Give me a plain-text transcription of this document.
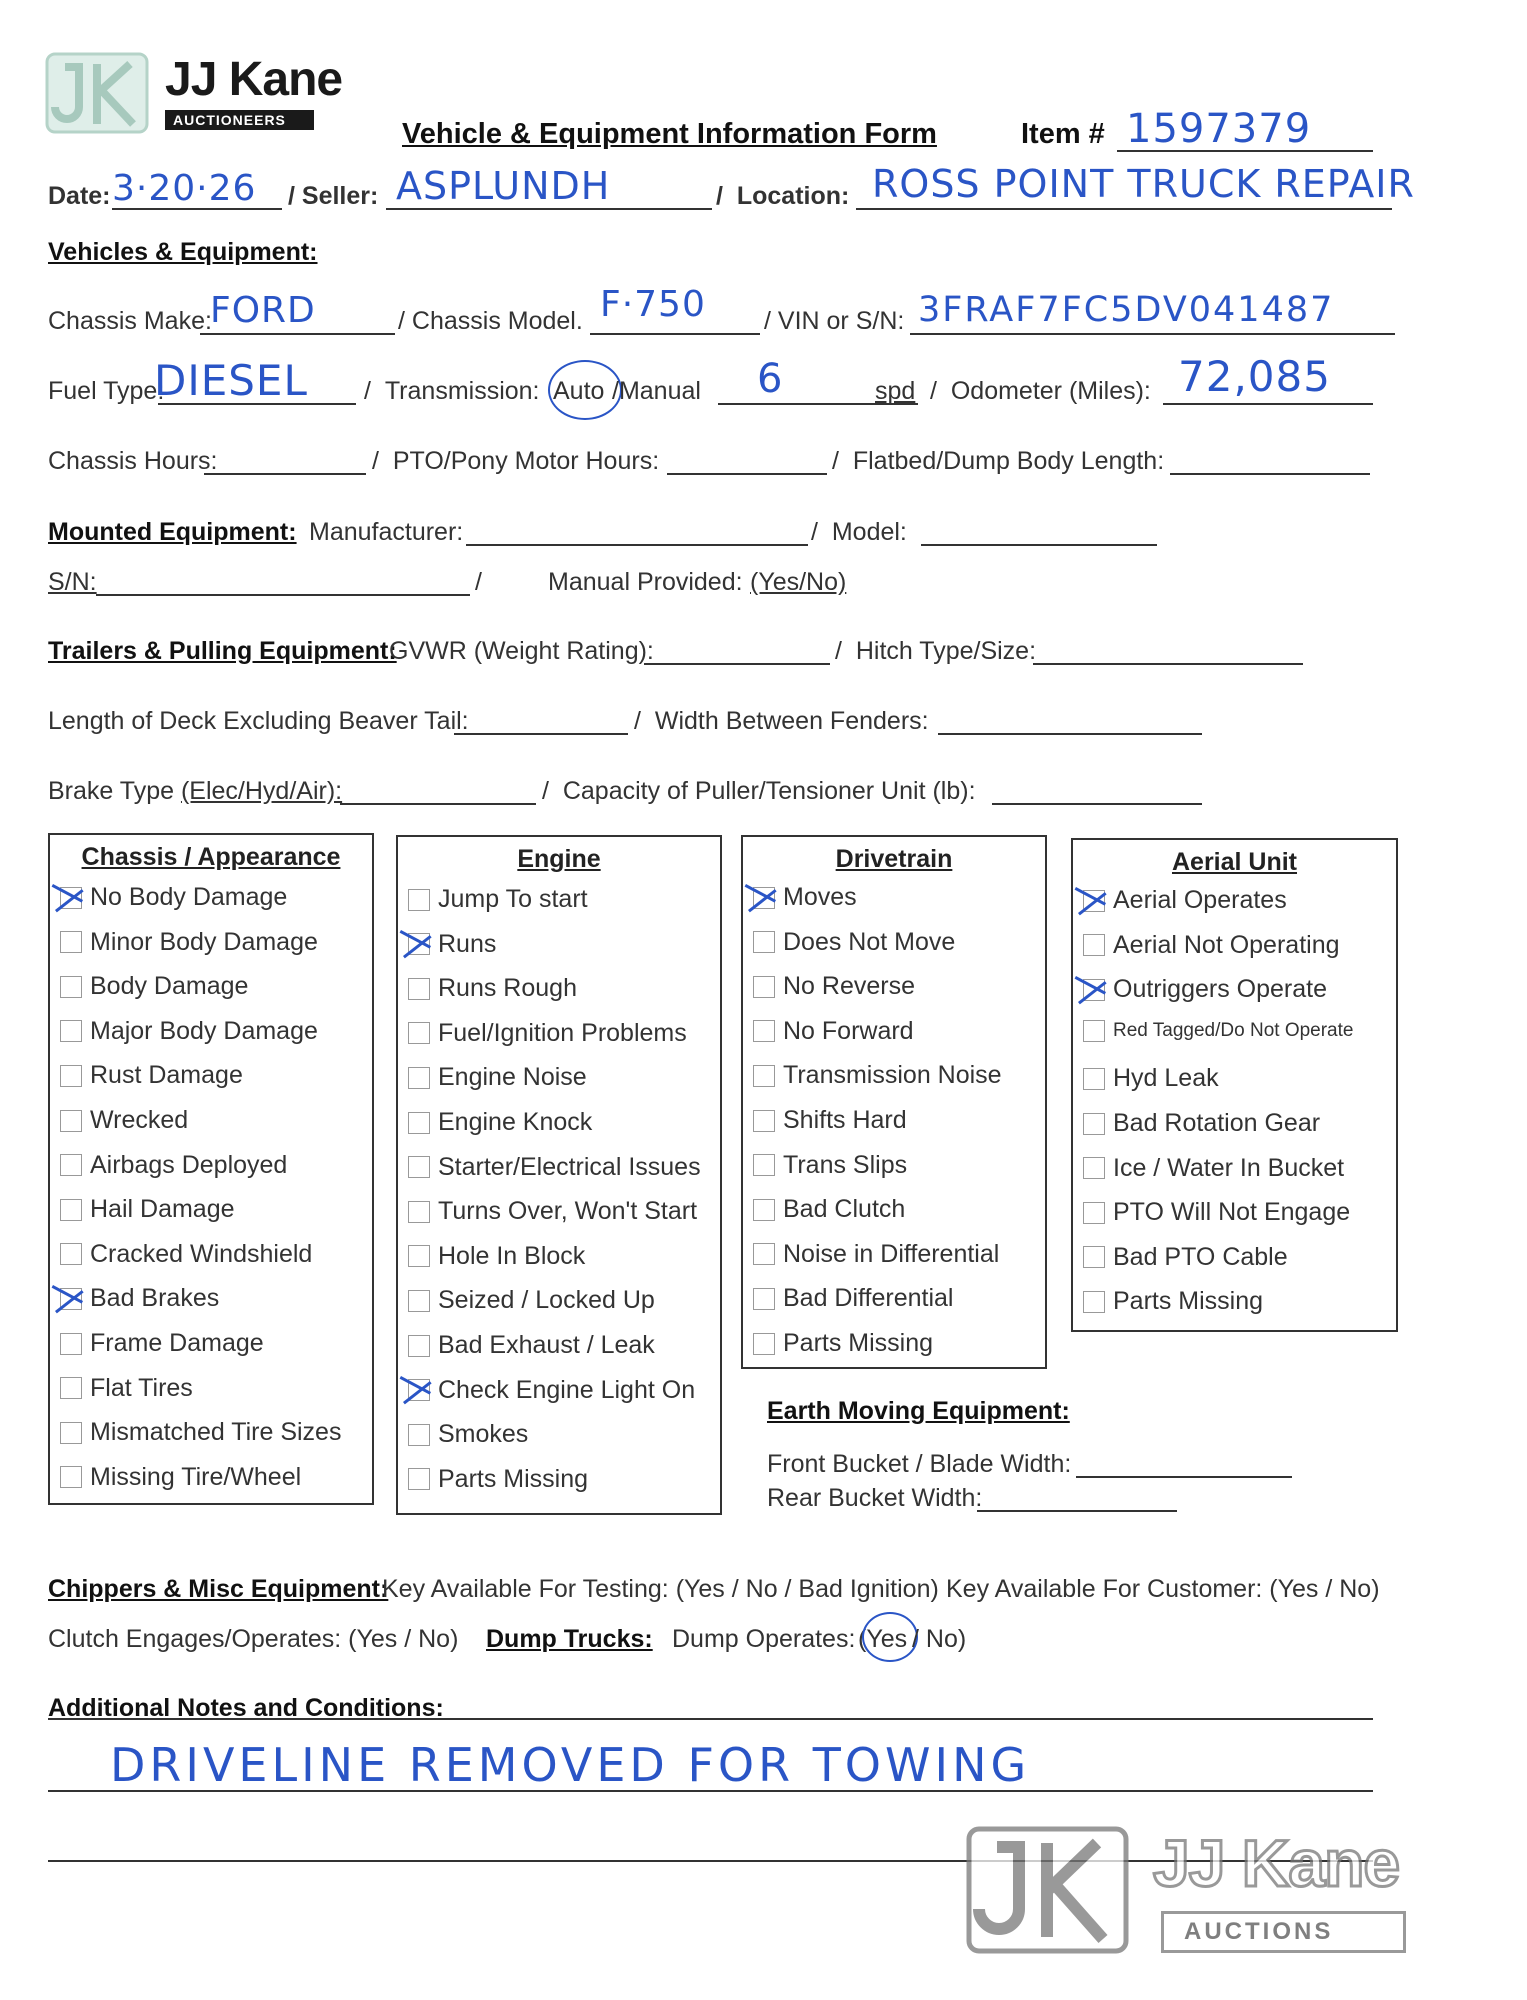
JJ Kane
AUCTIONEERS	Vehicle & Equipment Information Form	Item # 1597379
Date: 3·20·26 / Seller: ASPLUNDH	/  Location: ROSS POINT TRUCK REPAIR
Vehicles & Equipment:
Chassis Make:
FORD	/ Chassis Model. F·750 / VIN or S/N: 3FRAF7FC5DV041487
Fuel Type:
DIESEL /  Transmission: Auto /Manual 6	spd /  Odometer (Miles): 72,085
Chassis Hours:	/  PTO/Pony Motor Hours:	/  Flatbed/Dump Body Length:
Mounted Equipment: Manufacturer:	/  Model:
S/N:	/	Manual Provided: (Yes/No)
Trailers & Pulling Equipment:
GVWR (Weight Rating):	/  Hitch Type/Size:
Length of Deck Excluding Beaver Tail:	/  Width Between Fenders:
Brake Type (Elec/Hyd/Air):	/  Capacity of Puller/Tensioner Unit (lb):
Chassis / Appearance
No Body Damage
Minor Body Damage
Body Damage
Major Body Damage
Rust Damage
Wrecked
Airbags Deployed
Hail Damage
Cracked Windshield
Bad Brakes
Frame Damage
Flat Tires
Mismatched Tire Sizes
Missing Tire/Wheel
Engine
Jump To start
Runs
Runs Rough
Fuel/Ignition Problems
Engine Noise
Engine Knock
Starter/Electrical Issues
Turns Over, Won't Start
Hole In Block
Seized / Locked Up
Bad Exhaust / Leak
Check Engine Light On
Smokes
Parts Missing
Drivetrain
Moves
Does Not Move
No Reverse
No Forward
Transmission Noise
Shifts Hard
Trans Slips
Bad Clutch
Noise in Differential
Bad Differential
Parts Missing
Aerial Unit
Aerial Operates
Aerial Not Operating
Outriggers Operate
Red Tagged/Do Not Operate
Hyd Leak
Bad Rotation Gear
Ice / Water In Bucket
PTO Will Not Engage
Bad PTO Cable
Parts Missing
Earth Moving Equipment:
Front Bucket / Blade Width:
Rear Bucket Width:
Chippers & Misc Equipment:
Key Available For Testing: (Yes / No / Bad Ignition) Key Available For Customer: (Yes / No)
Clutch Engages/Operates: (Yes / No) Dump Trucks: Dump Operates: (Yes / No)
Additional Notes and Conditions:
DRIVELINE REMOVED FOR TOWING
JJ Kane
AUCTIONS
